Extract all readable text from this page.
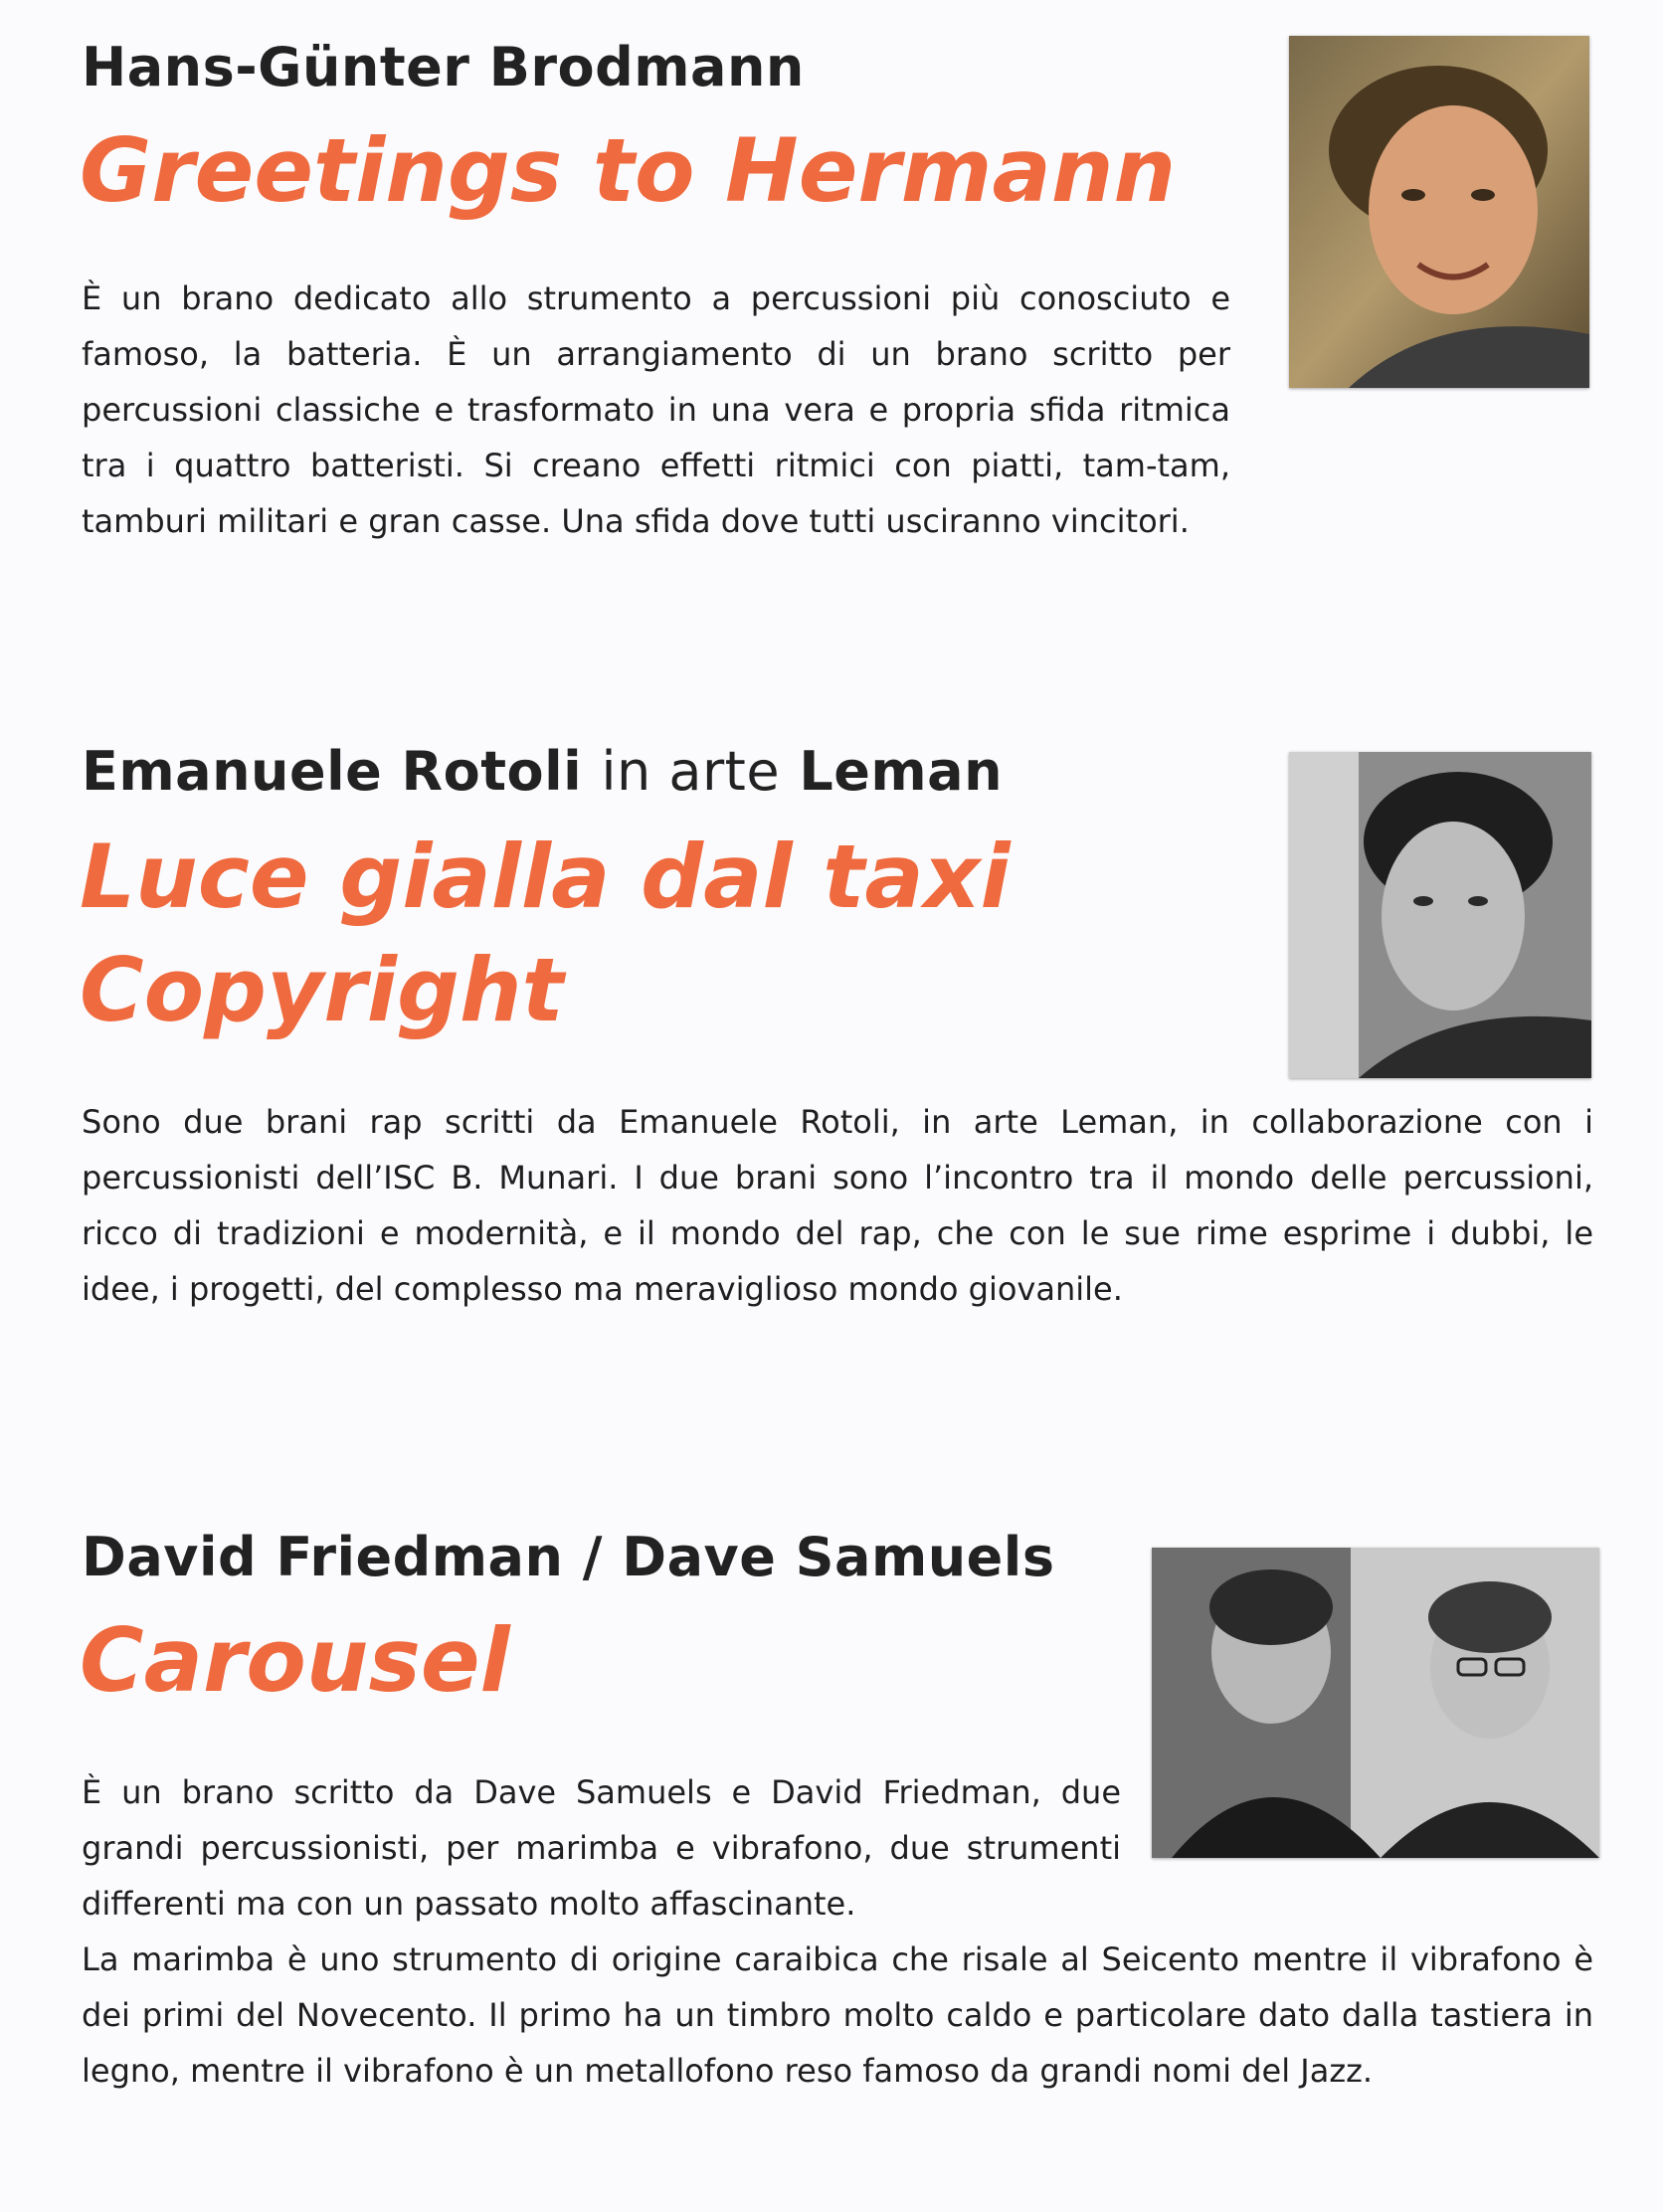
Hans-Günter Brodmann
Greetings to Hermann

È un brano dedicato allo strumento a percussioni più conosciuto e famoso, la batteria. È un arrangiamento di un brano scritto per percussioni classiche e trasformato in una vera e propria sfida ritmica tra i quattro batteristi. Si creano effetti ritmici con piatti, tam-tam, tamburi militari e gran casse. Una sfida dove tutti usciranno vincitori.

Emanuele Rotoli in arte Leman
Luce gialla dal taxi
Copyright

Sono due brani rap scritti da Emanuele Rotoli, in arte Leman, in collaborazione con i percussionisti dell’ISC B. Munari. I due brani sono l’incontro tra il mondo delle percussioni, ricco di tradizioni e modernità, e il mondo del rap, che con le sue rime esprime i dubbi, le idee, i progetti, del complesso ma meraviglioso mondo giovanile.

David Friedman / Dave Samuels
Carousel

È un brano scritto da Dave Samuels e David Friedman, due grandi percussionisti, per marimba e vibrafono, due strumenti differenti ma con un passato molto affascinante.

La marimba è uno strumento di origine caraibica che risale al Seicento mentre il vibrafono è dei primi del Novecento. Il primo ha un timbro molto caldo e particolare dato dalla tastiera in legno, mentre il vibrafono è un metallofono reso famoso da grandi nomi del Jazz.
